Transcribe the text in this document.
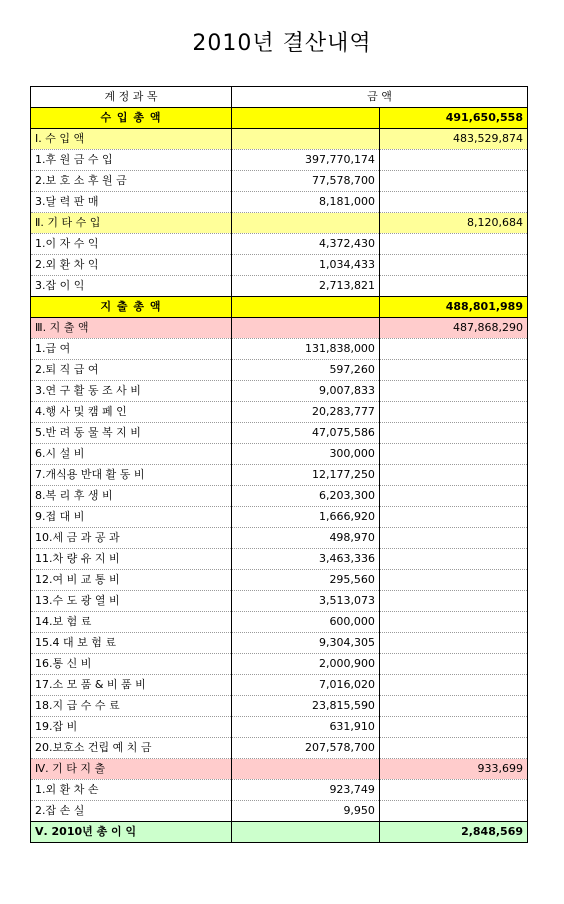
2010년 결산내역
계 정 과 목	금 액	
수 입 총 액		491,650,558
Ⅰ. 수 입 액		483,529,874
1.후 원 금 수 입	397,770,174	
2.보 호 소 후 원 금	77,578,700	
3.달 력 판 매	8,181,000	
Ⅱ. 기 타 수 입		8,120,684
1.이 자 수 익	4,372,430	
2.외 환 차 익	1,034,433	
3.잡 이 익	2,713,821	
지 출 총 액		488,801,989
Ⅲ. 지 출 액		487,868,290
1.급 여	131,838,000	
2.퇴 직 급 여	597,260	
3.연 구 활 동 조 사 비	9,007,833	
4.행 사 및 캠 페 인	20,283,777	
5.반 려 동 물 복 지 비	47,075,586	
6.시 설 비	300,000	
7.개식용 반대 활 동 비	12,177,250	
8.복 리 후 생 비	6,203,300	
9.접 대 비	1,666,920	
10.세 금 과 공 과	498,970	
11.차 량 유 지 비	3,463,336	
12.여 비 교 통 비	295,560	
13.수 도 광 열 비	3,513,073	
14.보 험 료	600,000	
15.4 대 보 험 료	9,304,305	
16.통 신 비	2,000,900	
17.소 모 품 & 비 품 비	7,016,020	
18.지 급 수 수 료	23,815,590	
19.잡 비	631,910	
20.보호소 건립 예 치 금	207,578,700	
Ⅳ. 기 타 지 출		933,699
1.외 환 차 손	923,749	
2.잡 손 실	9,950	
Ⅴ. 2010년 총 이 익		2,848,569
